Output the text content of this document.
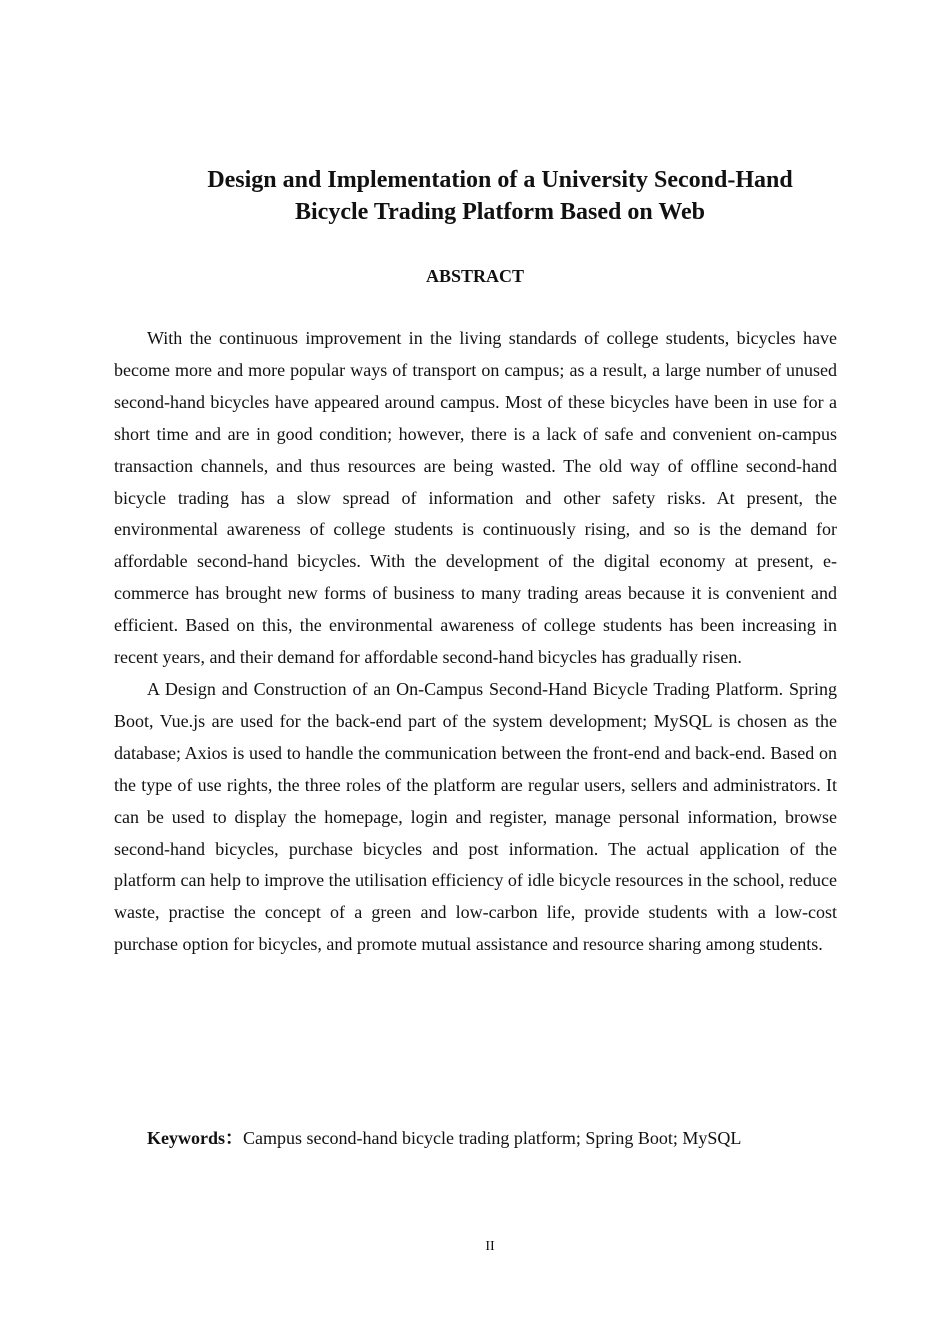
Design and Implementation of a University Second-Hand
Bicycle Trading Platform Based on Web
ABSTRACT

With the continuous improvement in the living standards of college students, bicycles have become more and more popular ways of transport on campus; as a result, a large number of unused second-hand bicycles have appeared around campus. Most of these bicycles have been in use for a short time and are in good condition; however, there is a lack of safe and convenient on-campus transaction channels, and thus resources are being wasted. The old way of offline second-hand bicycle trading has a slow spread of information and other safety risks. At present, the environmental awareness of college students is continuously rising, and so is the demand for affordable second-hand bicycles. With the development of the digital economy at present, e-commerce has brought new forms of business to many trading areas because it is convenient and efficient. Based on this, the environmental awareness of college students has been increasing in recent years, and their demand for affordable second-hand bicycles has gradually risen.

A Design and Construction of an On-Campus Second-Hand Bicycle Trading Platform. Spring Boot, Vue.js are used for the back-end part of the system development; MySQL is chosen as the database; Axios is used to handle the communication between the front-end and back-end. Based on the type of use rights, the three roles of the platform are regular users, sellers and administrators. It can be used to display the homepage, login and register, manage personal information, browse second-hand bicycles, purchase bicycles and post information. The actual application of the platform can help to improve the utilisation efficiency of idle bicycle resources in the school, reduce waste, practise the concept of a green and low-carbon life, provide students with a low-cost purchase option for bicycles, and promote mutual assistance and resource sharing among students.

Keywords：Campus second-hand bicycle trading platform; Spring Boot; MySQL
II
